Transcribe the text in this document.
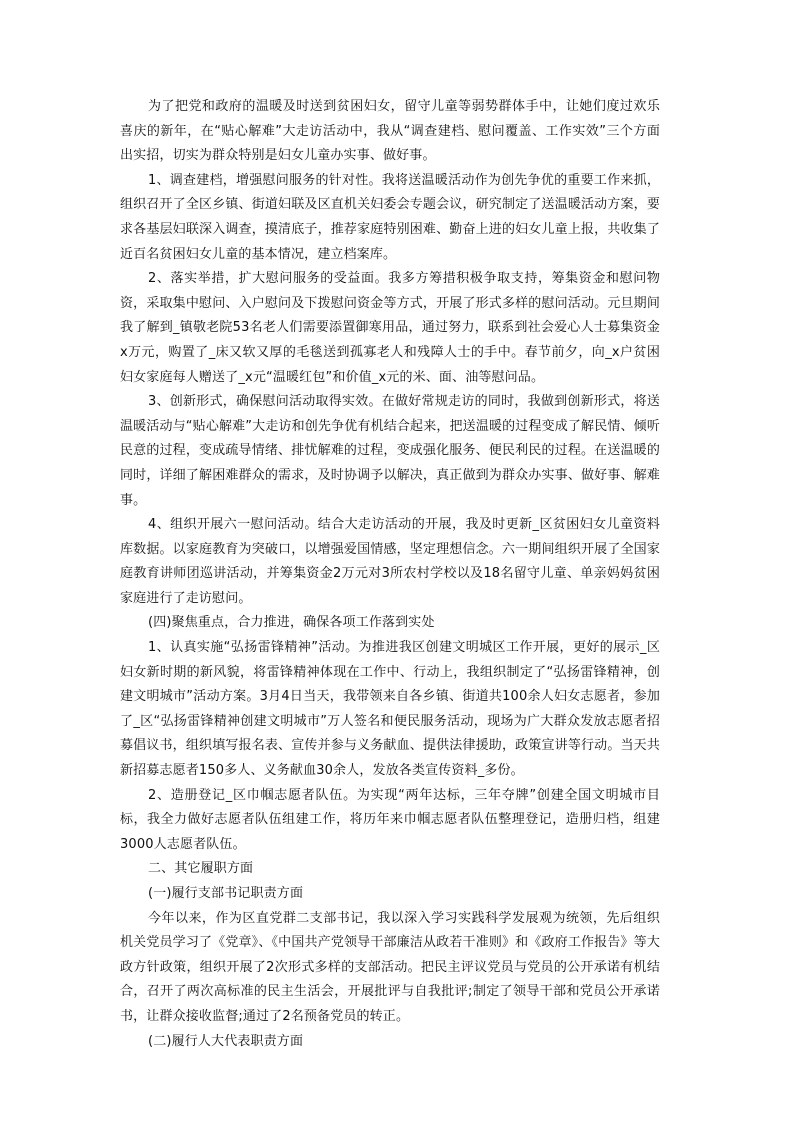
为了把党和政府的温暖及时送到贫困妇女，留守儿童等弱势群体手中，让她们度过欢乐喜庆的新年，在“贴心解难”大走访活动中，我从“调查建档、慰问覆盖、工作实效”三个方面出实招，切实为群众特别是妇女儿童办实事、做好事。

1、调查建档，增强慰问服务的针对性。我将送温暖活动作为创先争优的重要工作来抓，组织召开了全区乡镇、街道妇联及区直机关妇委会专题会议，研究制定了送温暖活动方案，要求各基层妇联深入调查，摸清底子，推荐家庭特别困难、勤奋上进的妇女儿童上报，共收集了近百名贫困妇女儿童的基本情况，建立档案库。

2、落实举措，扩大慰问服务的受益面。我多方筹措积极争取支持，筹集资金和慰问物资，采取集中慰问、入户慰问及下拨慰问资金等方式，开展了形式多样的慰问活动。元旦期间我了解到_镇敬老院53名老人们需要添置御寒用品，通过努力，联系到社会爱心人士募集资金x万元，购置了_床又软又厚的毛毯送到孤寡老人和残障人士的手中。春节前夕，向_x户贫困妇女家庭每人赠送了_x元“温暖红包”和价值_x元的米、面、油等慰问品。

3、创新形式，确保慰问活动取得实效。在做好常规走访的同时，我做到创新形式，将送温暖活动与“贴心解难”大走访和创先争优有机结合起来，把送温暖的过程变成了解民情、倾听民意的过程，变成疏导情绪、排忧解难的过程，变成强化服务、便民利民的过程。在送温暖的同时，详细了解困难群众的需求，及时协调予以解决，真正做到为群众办实事、做好事、解难事。

4、组织开展六一慰问活动。结合大走访活动的开展，我及时更新_区贫困妇女儿童资料库数据。以家庭教育为突破口，以增强爱国情感，坚定理想信念。六一期间组织开展了全国家庭教育讲师团巡讲活动，并筹集资金2万元对3所农村学校以及18名留守儿童、单亲妈妈贫困家庭进行了走访慰问。

(四)聚焦重点，合力推进，确保各项工作落到实处

1、认真实施“弘扬雷锋精神”活动。为推进我区创建文明城区工作开展，更好的展示_区妇女新时期的新风貌，将雷锋精神体现在工作中、行动上，我组织制定了“弘扬雷锋精神，创建文明城市”活动方案。3月4日当天，我带领来自各乡镇、街道共100余人妇女志愿者，参加了_区“弘扬雷锋精神创建文明城市”万人签名和便民服务活动，现场为广大群众发放志愿者招募倡议书，组织填写报名表、宣传并参与义务献血、提供法律援助，政策宣讲等行动。当天共新招募志愿者150多人、义务献血30余人，发放各类宣传资料_多份。

2、造册登记_区巾帼志愿者队伍。为实现“两年达标，三年夺牌”创建全国文明城市目标，我全力做好志愿者队伍组建工作，将历年来巾帼志愿者队伍整理登记，造册归档，组建3000人志愿者队伍。

二、其它履职方面

(一)履行支部书记职责方面

今年以来，作为区直党群二支部书记，我以深入学习实践科学发展观为统领，先后组织机关党员学习了《党章》、《中国共产党领导干部廉洁从政若干准则》和《政府工作报告》等大政方针政策，组织开展了2次形式多样的支部活动。把民主评议党员与党员的公开承诺有机结合，召开了两次高标准的民主生活会，开展批评与自我批评;制定了领导干部和党员公开承诺书，让群众接收监督;通过了2名预备党员的转正。

(二)履行人大代表职责方面
